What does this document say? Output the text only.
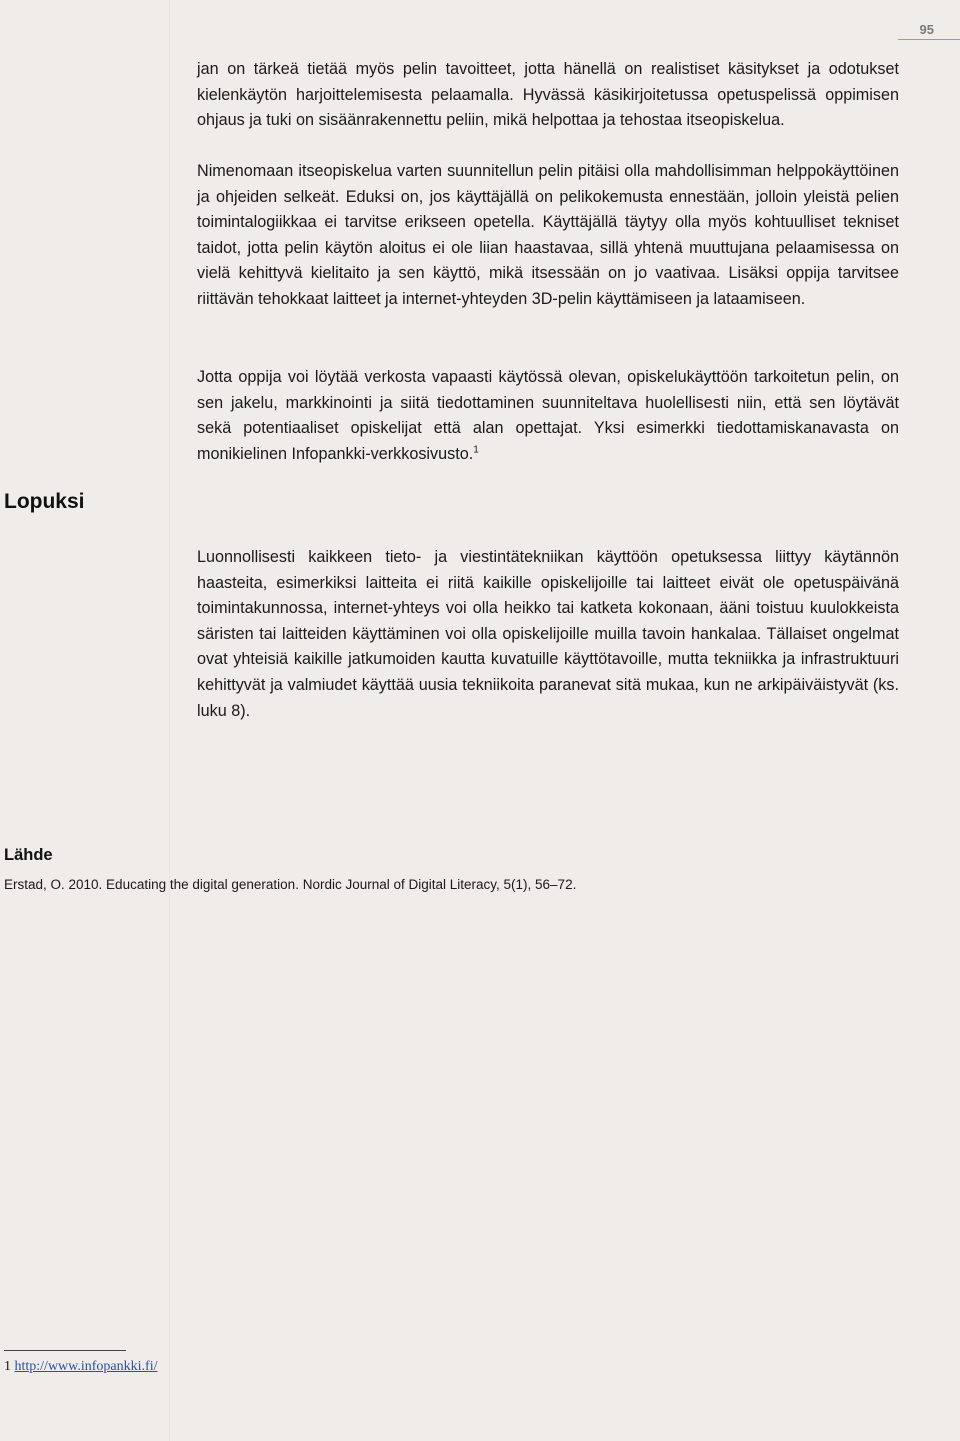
95

jan on tärkeä tietää myös pelin tavoitteet, jotta hänellä on realistiset käsitykset ja odotukset kielenkäytön harjoittelemisesta pelaamalla. Hyvässä käsikirjoitetussa opetuspelissä oppimisen ohjaus ja tuki on sisäänrakennettu peliin, mikä helpottaa ja tehostaa itseopiskelua.

Nimenomaan itseopiskelua varten suunnitellun pelin pitäisi olla mahdollisimman helppokäyttöinen ja ohjeiden selkeät. Eduksi on, jos käyttäjällä on pelikokemusta ennestään, jolloin yleistä pelien toimintalogiikkaa ei tarvitse erikseen opetella. Käyttäjällä täytyy olla myös kohtuulliset tekniset taidot, jotta pelin käytön aloitus ei ole liian haastavaa, sillä yhtenä muuttujana pelaamisessa on vielä kehittyvä kielitaito ja sen käyttö, mikä itsessään on jo vaativaa. Lisäksi oppija tarvitsee riittävän tehokkaat laitteet ja internet-yhteyden 3D-pelin käyttämiseen ja lataamiseen.

Jotta oppija voi löytää verkosta vapaasti käytössä olevan, opiskelukäyttöön tarkoitetun pelin, on sen jakelu, markkinointi ja siitä tiedottaminen suunniteltava huolellisesti niin, että sen löytävät sekä potentiaaliset opiskelijat että alan opettajat. Yksi esimerkki tiedottamiskanavasta on monikielinen Infopankki-verkkosivusto.$^1$

Lopuksi

Luonnollisesti kaikkeen tieto- ja viestintätekniikan käyttöön opetuksessa liittyy käytännön haasteita, esimerkiksi laitteita ei riitä kaikille opiskelijoille tai laitteet eivät ole opetuspäivänä toimintakunnossa, internet-yhteys voi olla heikko tai katketa kokonaan, ääni toistuu kuulokkeista säristen tai laitteiden käyttäminen voi olla opiskelijoille muilla tavoin hankalaa. Tällaiset ongelmat ovat yhteisiä kaikille jatkumoiden kautta kuvatuille käyttötavoille, mutta tekniikka ja infrastruktuuri kehittyvät ja valmiudet käyttää uusia tekniikoita paranevat sitä mukaa, kun ne arkipäiväistyvät (ks. luku 8).

Lähde
Erstad, O. 2010. Educating the digital generation. Nordic Journal of Digital Literacy, 5(1), 56–72.
1 http://www.infopankki.fi/
